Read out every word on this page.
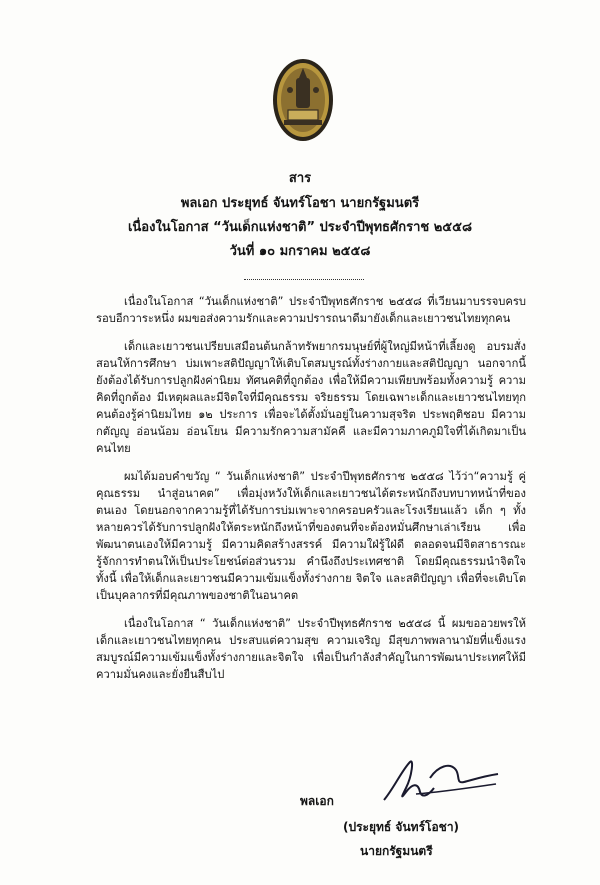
สาร
พลเอก ประยุทธ์ จันทร์โอชา นายกรัฐมนตรี
เนื่องในโอกาส “วันเด็กแห่งชาติ” ประจำปีพุทธศักราช ๒๕๕๘
วันที่ ๑๐ มกราคม ๒๕๕๘

เนื่องในโอกาส “วันเด็กแห่งชาติ” ประจำปีพุทธศักราช ๒๕๕๘ ที่เวียนมาบรรจบครบรอบอีกวาระหนึ่ง ผมขอส่งความรักและความปรารถนาดีมายังเด็กและเยาวชนไทยทุกคน

เด็กและเยาวชนเปรียบเสมือนต้นกล้าทรัพยากรมนุษย์ที่ผู้ใหญ่มีหน้าที่เลี้ยงดู อบรมสั่งสอนให้การศึกษา บ่มเพาะสติปัญญาให้เติบโตสมบูรณ์ทั้งร่างกายและสติปัญญา นอกจากนี้ยังต้องได้รับการปลูกฝังค่านิยม ทัศนคติที่ถูกต้อง เพื่อให้มีความเพียบพร้อมทั้งความรู้ ความคิดที่ถูกต้อง มีเหตุผลและมีจิตใจที่มีคุณธรรม จริยธรรม โดยเฉพาะเด็กและเยาวชนไทยทุกคนต้องรู้ค่านิยมไทย ๑๒ ประการ เพื่อจะได้ตั้งมั่นอยู่ในความสุจริต ประพฤติชอบ มีความกตัญญู อ่อนน้อม อ่อนโยน มีความรักความสามัคคี และมีความภาคภูมิใจที่ได้เกิดมาเป็นคนไทย

ผมได้มอบคำขวัญ “ วันเด็กแห่งชาติ” ประจำปีพุทธศักราช ๒๕๕๘ ไว้ว่า“ความรู้ คู่คุณธรรม นำสู่อนาคต” เพื่อมุ่งหวังให้เด็กและเยาวชนได้ตระหนักถึงบทบาทหน้าที่ของตนเอง โดยนอกจากความรู้ที่ได้รับการบ่มเพาะจากครอบครัวและโรงเรียนแล้ว เด็ก ๆ ทั้งหลายควรได้รับการปลูกฝังให้ตระหนักถึงหน้าที่ของตนที่จะต้องหมั่นศึกษาเล่าเรียน เพื่อพัฒนาตนเองให้มีความรู้ มีความคิดสร้างสรรค์ มีความใฝ่รู้ใฝ่ดี ตลอดจนมีจิตสาธารณะ รู้จักการทำตนให้เป็นประโยชน์ต่อส่วนรวม คำนึงถึงประเทศชาติ โดยมีคุณธรรมนำจิตใจ ทั้งนี้ เพื่อให้เด็กและเยาวชนมีความเข้มแข็งทั้งร่างกาย จิตใจ และสติปัญญา เพื่อที่จะเติบโตเป็นบุคลากรที่มีคุณภาพของชาติในอนาคต

เนื่องในโอกาส “ วันเด็กแห่งชาติ” ประจำปีพุทธศักราช ๒๕๕๘ นี้ ผมขออวยพรให้เด็กและเยาวชนไทยทุกคน ประสบแต่ความสุข ความเจริญ มีสุขภาพพลานามัยที่แข็งแรงสมบูรณ์มีความเข้มแข็งทั้งร่างกายและจิตใจ เพื่อเป็นกำลังสำคัญในการพัฒนาประเทศให้มีความมั่นคงและยั่งยืนสืบไป

พลเอก
(ประยุทธ์ จันทร์โอชา)
นายกรัฐมนตรี
